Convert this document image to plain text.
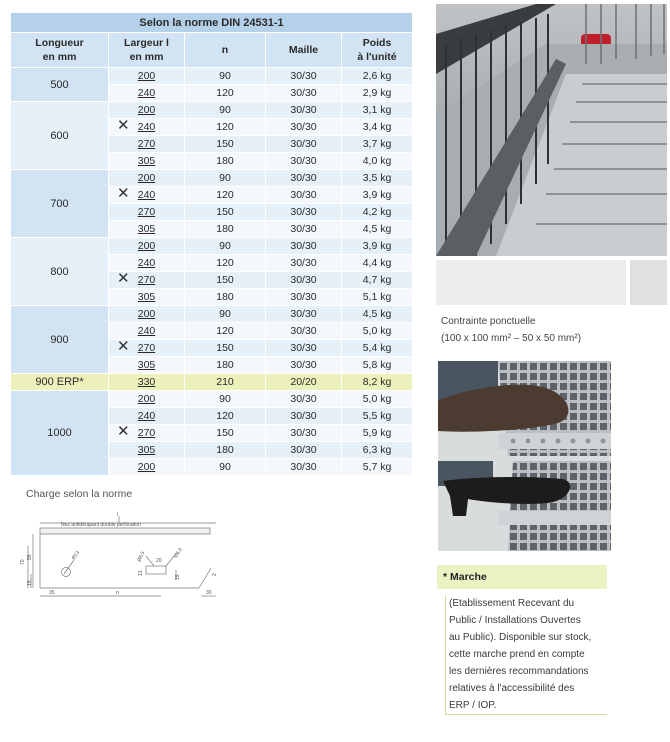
Selon la norme DIN 24531-1				
Longueur
en mm	Largeur l
en mm	n	Maille	Poids
à l'unité
500	200	90	30/30	2,6 kg
	240	120	30/30	2,9 kg
600	200	90	30/30	3,1 kg

	✕ 240	120	30/30	3,4 kg
	270	150	30/30	3,7 kg
	305	180	30/30	4,0 kg
700	200	90	30/30	3,5 kg

	✕ 240	120	30/30	3,9 kg
	270	150	30/30	4,2 kg
	305	180	30/30	4,5 kg
800	200	90	30/30	3,9 kg
	240	120	30/30	4,4 kg

	✕ 270	150	30/30	4,7 kg
	305	180	30/30	5,1 kg
900	200	90	30/30	4,5 kg
	240	120	30/30	5,0 kg

	✕ 270	150	30/30	5,4 kg
	305	180	30/30	5,8 kg
900 ERP*	330	210	20/20	8,2 kg
1000	200	90	30/30	5,0 kg
	240	120	30/30	5,5 kg

	✕ 270	150	30/30	5,9 kg
	305	180	30/30	6,3 kg
	200	90	30/30	5,7 kg
Charge selon la norme
Nez antidérapant double perforation
l
70
55
15
35	n
Ø13	Ø8,5 20
Ø6,5
13
15
30
2
Contrainte ponctuelle
(100 x 100 mm² – 50 x 50 mm²)
* Marche
(Etablissement Recevant du
Public / Installations Ouvertes
au Public). Disponible sur stock,
cette marche prend en compte
les dernières recommandations
relatives à l'accessibilité des
ERP / IOP.
